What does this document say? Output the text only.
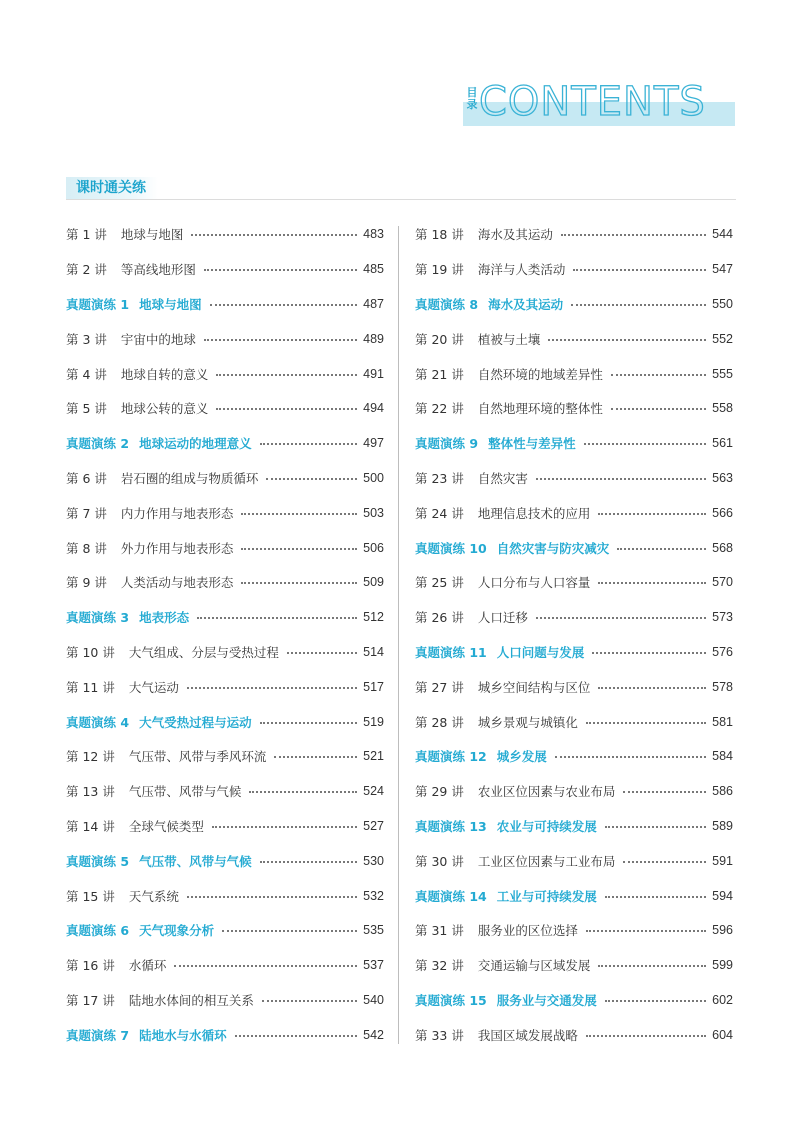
目录 CONTENTS
课时通关练
第 1 讲 地球与地图	483
第 2 讲 等高线地形图	485
真题演练 1 地球与地图	487
第 3 讲 宇宙中的地球	489
第 4 讲 地球自转的意义	491
第 5 讲 地球公转的意义	494
真题演练 2 地球运动的地理意义	497
第 6 讲 岩石圈的组成与物质循环	500
第 7 讲 内力作用与地表形态	503
第 8 讲 外力作用与地表形态	506
第 9 讲 人类活动与地表形态	509
真题演练 3 地表形态	512
第 10 讲 大气组成、分层与受热过程	514
第 11 讲 大气运动	517
真题演练 4 大气受热过程与运动	519
第 12 讲 气压带、风带与季风环流	521
第 13 讲 气压带、风带与气候	524
第 14 讲 全球气候类型	527
真题演练 5 气压带、风带与气候	530
第 15 讲 天气系统	532
真题演练 6 天气现象分析	535
第 16 讲 水循环	537
第 17 讲 陆地水体间的相互关系	540
真题演练 7 陆地水与水循环	542
第 18 讲 海水及其运动	544
第 19 讲 海洋与人类活动	547
真题演练 8 海水及其运动	550
第 20 讲 植被与土壤	552
第 21 讲 自然环境的地域差异性	555
第 22 讲 自然地理环境的整体性	558
真题演练 9 整体性与差异性	561
第 23 讲 自然灾害	563
第 24 讲 地理信息技术的应用	566
真题演练 10 自然灾害与防灾减灾	568
第 25 讲 人口分布与人口容量	570
第 26 讲 人口迁移	573
真题演练 11 人口问题与发展	576
第 27 讲 城乡空间结构与区位	578
第 28 讲 城乡景观与城镇化	581
真题演练 12 城乡发展	584
第 29 讲 农业区位因素与农业布局	586
真题演练 13 农业与可持续发展	589
第 30 讲 工业区位因素与工业布局	591
真题演练 14 工业与可持续发展	594
第 31 讲 服务业的区位选择	596
第 32 讲 交通运输与区域发展	599
真题演练 15 服务业与交通发展	602
第 33 讲 我国区域发展战略	604
